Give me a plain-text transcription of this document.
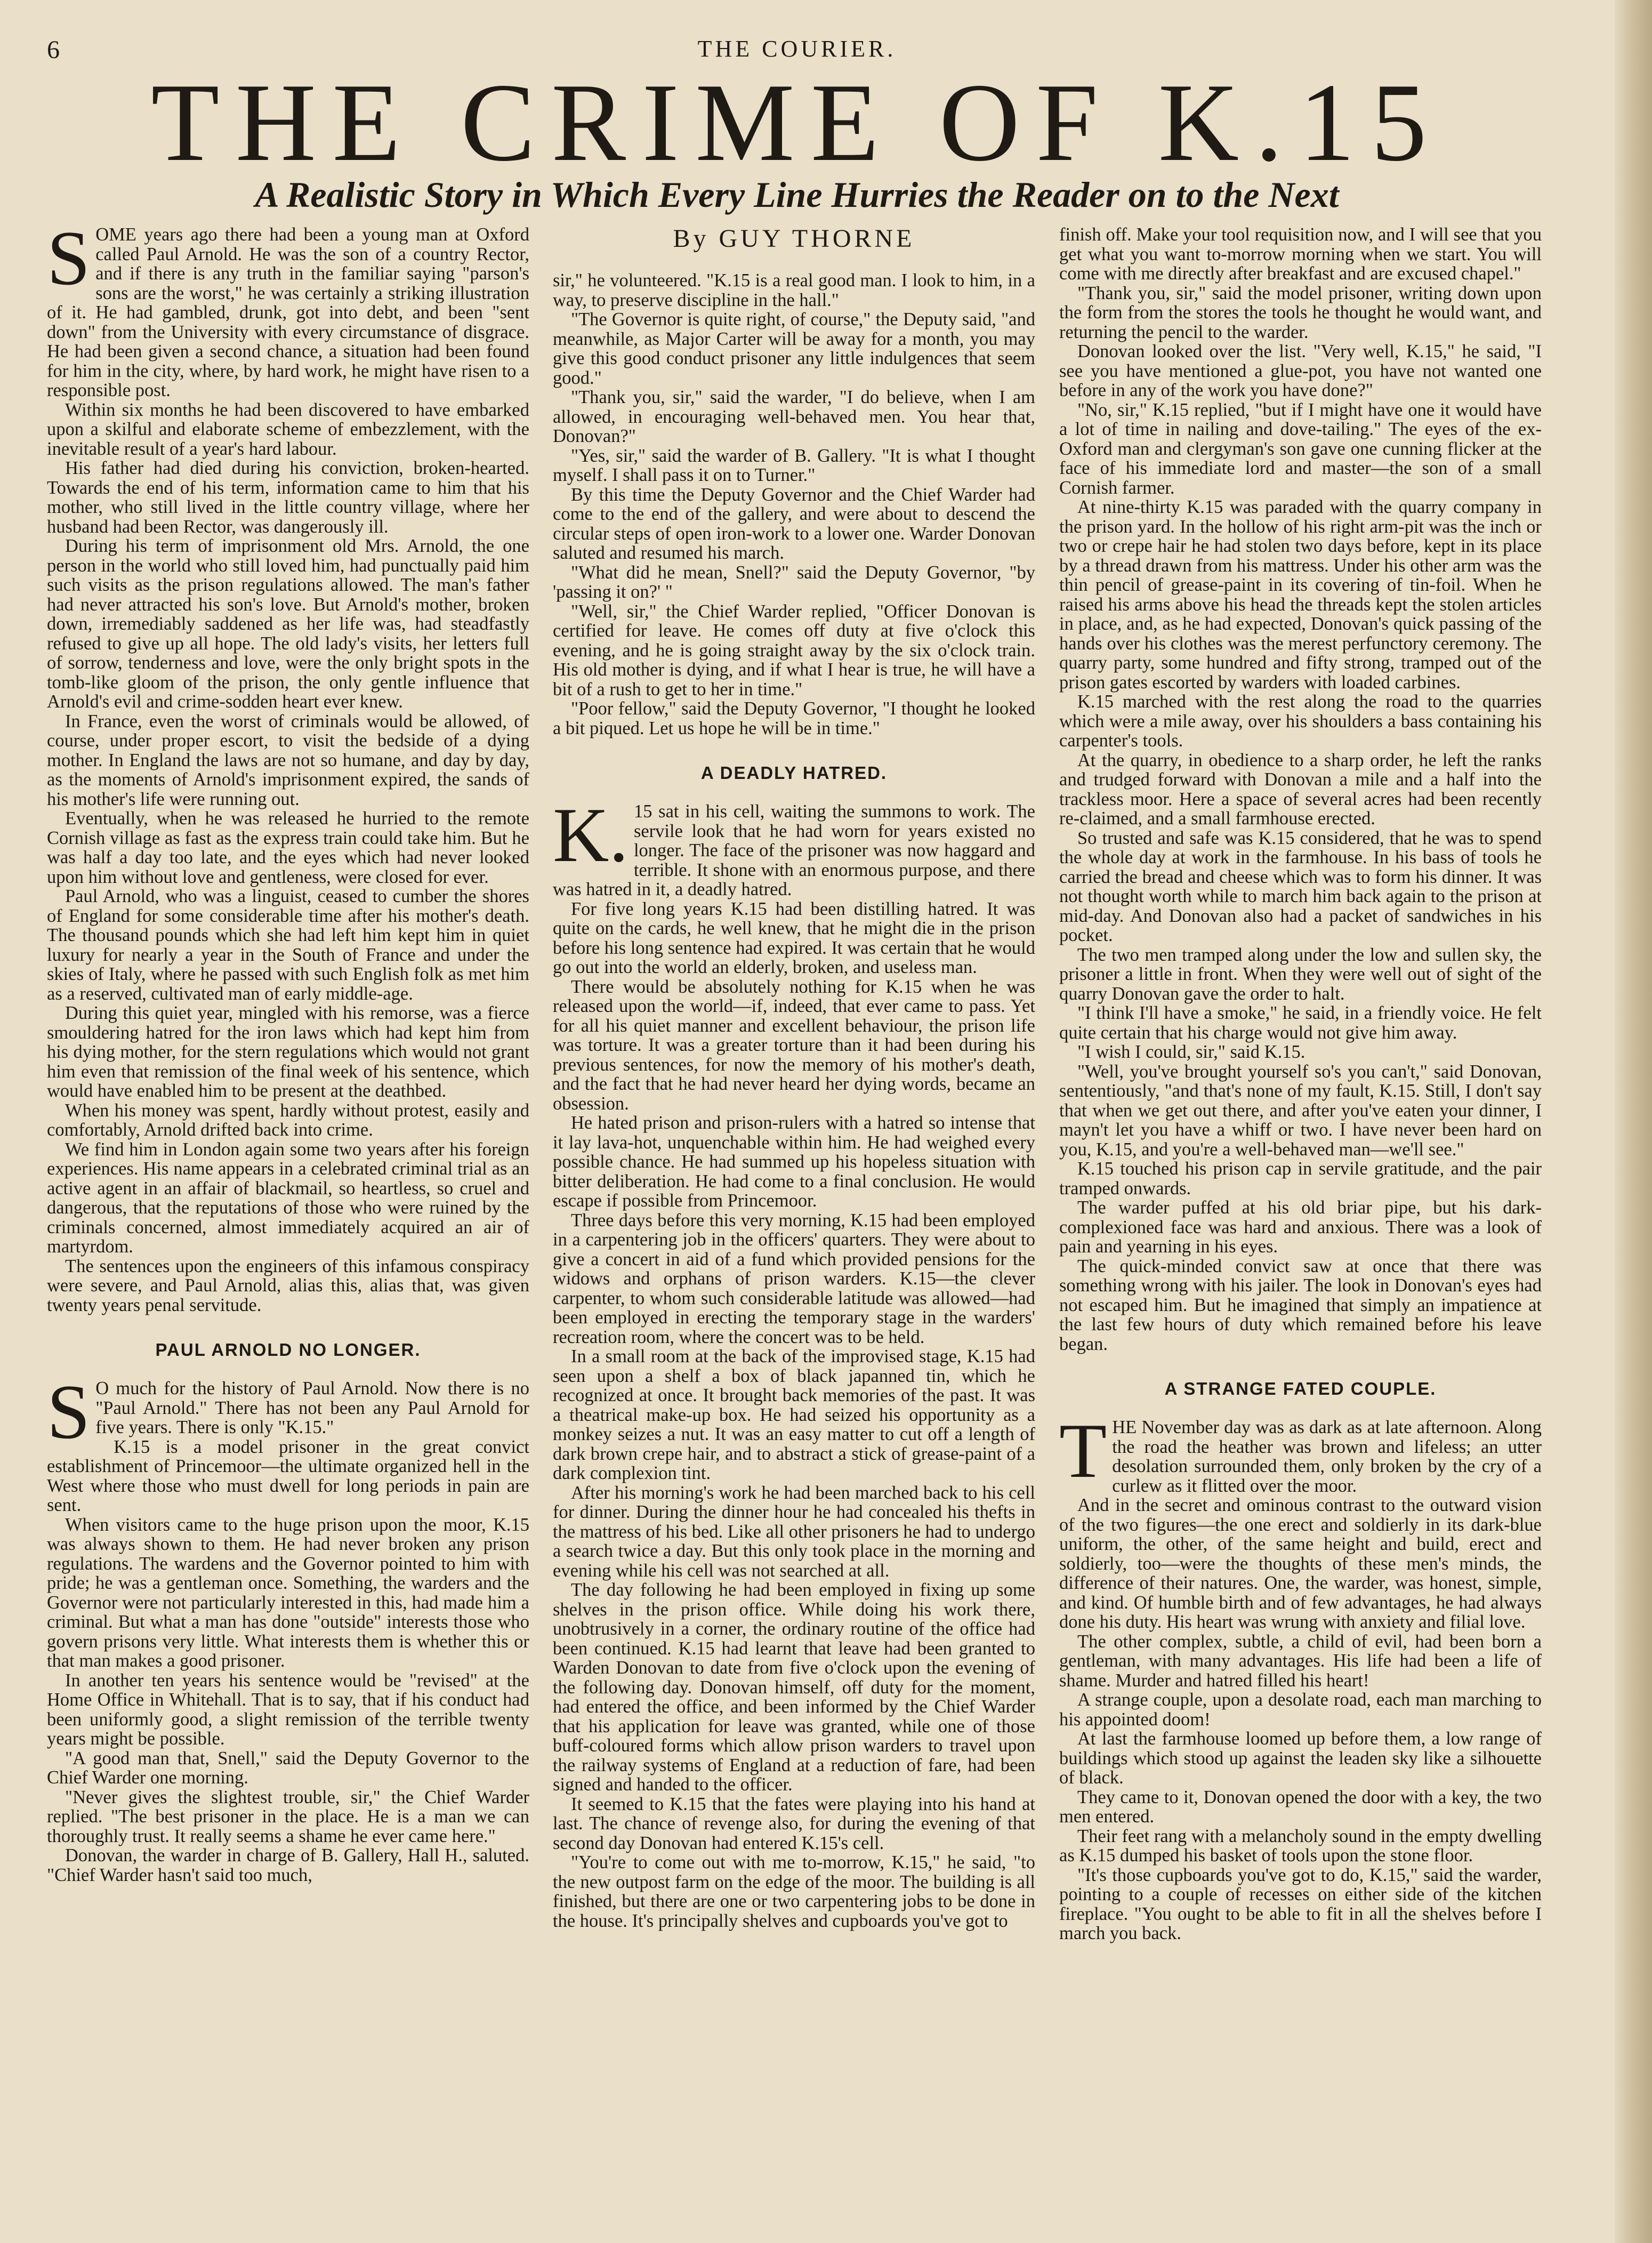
6	THE COURIER.
THE CRIME OF K.15
A Realistic Story in Which Every Line Hurries the Reader on to the Next

SOME years ago there had been a young man at Oxford called Paul Arnold. He was the son of a country Rector, and if there is any truth in the familiar saying "parson's sons are the worst," he was certainly a striking illustration of it. He had gambled, drunk, got into debt, and been "sent down" from the University with every circumstance of disgrace. He had been given a second chance, a situation had been found for him in the city, where, by hard work, he might have risen to a responsible post.

Within six months he had been discovered to have embarked upon a skilful and elaborate scheme of embezzlement, with the inevitable result of a year's hard labour.

His father had died during his conviction, broken-hearted. Towards the end of his term, information came to him that his mother, who still lived in the little country village, where her husband had been Rector, was dangerously ill.

During his term of imprisonment old Mrs. Arnold, the one person in the world who still loved him, had punctually paid him such visits as the prison regulations allowed. The man's father had never attracted his son's love. But Arnold's mother, broken down, irremediably saddened as her life was, had steadfastly refused to give up all hope. The old lady's visits, her letters full of sorrow, tenderness and love, were the only bright spots in the tomb-like gloom of the prison, the only gentle influence that Arnold's evil and crime-sodden heart ever knew.

In France, even the worst of criminals would be allowed, of course, under proper escort, to visit the bedside of a dying mother. In England the laws are not so humane, and day by day, as the moments of Arnold's imprisonment expired, the sands of his mother's life were running out.

Eventually, when he was released he hurried to the remote Cornish village as fast as the express train could take him. But he was half a day too late, and the eyes which had never looked upon him without love and gentleness, were closed for ever.

Paul Arnold, who was a linguist, ceased to cumber the shores of England for some considerable time after his mother's death. The thousand pounds which she had left him kept him in quiet luxury for nearly a year in the South of France and under the skies of Italy, where he passed with such English folk as met him as a reserved, cultivated man of early middle-age.

During this quiet year, mingled with his remorse, was a fierce smouldering hatred for the iron laws which had kept him from his dying mother, for the stern regulations which would not grant him even that remission of the final week of his sentence, which would have enabled him to be present at the deathbed.

When his money was spent, hardly without protest, easily and comfortably, Arnold drifted back into crime.

We find him in London again some two years after his foreign experiences. His name appears in a celebrated criminal trial as an active agent in an affair of blackmail, so heartless, so cruel and dangerous, that the reputations of those who were ruined by the criminals concerned, almost immediately acquired an air of martyrdom.

The sentences upon the engineers of this infamous conspiracy were severe, and Paul Arnold, alias this, alias that, was given twenty years penal servitude.

PAUL ARNOLD NO LONGER.

SO much for the history of Paul Arnold. Now there is no "Paul Arnold." There has not been any Paul Arnold for five years. There is only "K.15."

K.15 is a model prisoner in the great convict establishment of Princemoor—the ultimate organized hell in the West where those who must dwell for long periods in pain are sent.

When visitors came to the huge prison upon the moor, K.15 was always shown to them. He had never broken any prison regulations. The wardens and the Governor pointed to him with pride; he was a gentleman once. Something, the warders and the Governor were not particularly interested in this, had made him a criminal. But what a man has done "outside" interests those who govern prisons very little. What interests them is whether this or that man makes a good prisoner.

In another ten years his sentence would be "revised" at the Home Office in Whitehall. That is to say, that if his conduct had been uniformly good, a slight remission of the terrible twenty years might be possible.

"A good man that, Snell," said the Deputy Governor to the Chief Warder one morning.

"Never gives the slightest trouble, sir," the Chief Warder replied. "The best prisoner in the place. He is a man we can thoroughly trust. It really seems a shame he ever came here."

Donovan, the warder in charge of B. Gallery, Hall H., saluted. "Chief Warder hasn't said too much,

By GUY THORNE

sir," he volunteered. "K.15 is a real good man. I look to him, in a way, to preserve discipline in the hall."

"The Governor is quite right, of course," the Deputy said, "and meanwhile, as Major Carter will be away for a month, you may give this good conduct prisoner any little indulgences that seem good."

"Thank you, sir," said the warder, "I do believe, when I am allowed, in encouraging well-behaved men. You hear that, Donovan?"

"Yes, sir," said the warder of B. Gallery. "It is what I thought myself. I shall pass it on to Turner."

By this time the Deputy Governor and the Chief Warder had come to the end of the gallery, and were about to descend the circular steps of open iron-work to a lower one. Warder Donovan saluted and resumed his march.

"What did he mean, Snell?" said the Deputy Governor, "by 'passing it on?' "

"Well, sir," the Chief Warder replied, "Officer Donovan is certified for leave. He comes off duty at five o'clock this evening, and he is going straight away by the six o'clock train. His old mother is dying, and if what I hear is true, he will have a bit of a rush to get to her in time."

"Poor fellow," said the Deputy Governor, "I thought he looked a bit piqued. Let us hope he will be in time."

A DEADLY HATRED.

K.15 sat in his cell, waiting the summons to work. The servile look that he had worn for years existed no longer. The face of the prisoner was now haggard and terrible. It shone with an enormous purpose, and there was hatred in it, a deadly hatred.

For five long years K.15 had been distilling hatred. It was quite on the cards, he well knew, that he might die in the prison before his long sentence had expired. It was certain that he would go out into the world an elderly, broken, and useless man.

There would be absolutely nothing for K.15 when he was released upon the world—if, indeed, that ever came to pass. Yet for all his quiet manner and excellent behaviour, the prison life was torture. It was a greater torture than it had been during his previous sentences, for now the memory of his mother's death, and the fact that he had never heard her dying words, became an obsession.

He hated prison and prison-rulers with a hatred so intense that it lay lava-hot, unquenchable within him. He had weighed every possible chance. He had summed up his hopeless situation with bitter deliberation. He had come to a final conclusion. He would escape if possible from Princemoor.

Three days before this very morning, K.15 had been employed in a carpentering job in the officers' quarters. They were about to give a concert in aid of a fund which provided pensions for the widows and orphans of prison warders. K.15—the clever carpenter, to whom such considerable latitude was allowed—had been employed in erecting the temporary stage in the warders' recreation room, where the concert was to be held.

In a small room at the back of the improvised stage, K.15 had seen upon a shelf a box of black japanned tin, which he recognized at once. It brought back memories of the past. It was a theatrical make-up box. He had seized his opportunity as a monkey seizes a nut. It was an easy matter to cut off a length of dark brown crepe hair, and to abstract a stick of grease-paint of a dark complexion tint.

After his morning's work he had been marched back to his cell for dinner. During the dinner hour he had concealed his thefts in the mattress of his bed. Like all other prisoners he had to undergo a search twice a day. But this only took place in the morning and evening while his cell was not searched at all.

The day following he had been employed in fixing up some shelves in the prison office. While doing his work there, unobtrusively in a corner, the ordinary routine of the office had been continued. K.15 had learnt that leave had been granted to Warden Donovan to date from five o'clock upon the evening of the following day. Donovan himself, off duty for the moment, had entered the office, and been informed by the Chief Warder that his application for leave was granted, while one of those buff-coloured forms which allow prison warders to travel upon the railway systems of England at a reduction of fare, had been signed and handed to the officer.

It seemed to K.15 that the fates were playing into his hand at last. The chance of revenge also, for during the evening of that second day Donovan had entered K.15's cell.

"You're to come out with me to-morrow, K.15," he said, "to the new outpost farm on the edge of the moor. The building is all finished, but there are one or two carpentering jobs to be done in the house. It's principally shelves and cupboards you've got to

finish off. Make your tool requisition now, and I will see that you get what you want to-morrow morning when we start. You will come with me directly after breakfast and are excused chapel."

"Thank you, sir," said the model prisoner, writing down upon the form from the stores the tools he thought he would want, and returning the pencil to the warder.

Donovan looked over the list. "Very well, K.15," he said, "I see you have mentioned a glue-pot, you have not wanted one before in any of the work you have done?"

"No, sir," K.15 replied, "but if I might have one it would have a lot of time in nailing and dove-tailing." The eyes of the ex-Oxford man and clergyman's son gave one cunning flicker at the face of his immediate lord and master—the son of a small Cornish farmer.

At nine-thirty K.15 was paraded with the quarry company in the prison yard. In the hollow of his right arm-pit was the inch or two or crepe hair he had stolen two days before, kept in its place by a thread drawn from his mattress. Under his other arm was the thin pencil of grease-paint in its covering of tin-foil. When he raised his arms above his head the threads kept the stolen articles in place, and, as he had expected, Donovan's quick passing of the hands over his clothes was the merest perfunctory ceremony. The quarry party, some hundred and fifty strong, tramped out of the prison gates escorted by warders with loaded carbines.

K.15 marched with the rest along the road to the quarries which were a mile away, over his shoulders a bass containing his carpenter's tools.

At the quarry, in obedience to a sharp order, he left the ranks and trudged forward with Donovan a mile and a half into the trackless moor. Here a space of several acres had been recently re-claimed, and a small farmhouse erected.

So trusted and safe was K.15 considered, that he was to spend the whole day at work in the farmhouse. In his bass of tools he carried the bread and cheese which was to form his dinner. It was not thought worth while to march him back again to the prison at mid-day. And Donovan also had a packet of sandwiches in his pocket.

The two men tramped along under the low and sullen sky, the prisoner a little in front. When they were well out of sight of the quarry Donovan gave the order to halt.

"I think I'll have a smoke," he said, in a friendly voice. He felt quite certain that his charge would not give him away.

"I wish I could, sir," said K.15.

"Well, you've brought yourself so's you can't," said Donovan, sententiously, "and that's none of my fault, K.15. Still, I don't say that when we get out there, and after you've eaten your dinner, I mayn't let you have a whiff or two. I have never been hard on you, K.15, and you're a well-behaved man—we'll see."

K.15 touched his prison cap in servile gratitude, and the pair tramped onwards.

The warder puffed at his old briar pipe, but his dark-complexioned face was hard and anxious. There was a look of pain and yearning in his eyes.

The quick-minded convict saw at once that there was something wrong with his jailer. The look in Donovan's eyes had not escaped him. But he imagined that simply an impatience at the last few hours of duty which remained before his leave began.

A STRANGE FATED COUPLE.

THE November day was as dark as at late afternoon. Along the road the heather was brown and lifeless; an utter desolation surrounded them, only broken by the cry of a curlew as it flitted over the moor.

And in the secret and ominous contrast to the outward vision of the two figures—the one erect and soldierly in its dark-blue uniform, the other, of the same height and build, erect and soldierly, too—were the thoughts of these men's minds, the difference of their natures. One, the warder, was honest, simple, and kind. Of humble birth and of few advantages, he had always done his duty. His heart was wrung with anxiety and filial love.

The other complex, subtle, a child of evil, had been born a gentleman, with many advantages. His life had been a life of shame. Murder and hatred filled his heart!

A strange couple, upon a desolate road, each man marching to his appointed doom!

At last the farmhouse loomed up before them, a low range of buildings which stood up against the leaden sky like a silhouette of black.

They came to it, Donovan opened the door with a key, the two men entered.

Their feet rang with a melancholy sound in the empty dwelling as K.15 dumped his basket of tools upon the stone floor.

"It's those cupboards you've got to do, K.15," said the warder, pointing to a couple of recesses on either side of the kitchen fireplace. "You ought to be able to fit in all the shelves before I march you back.
